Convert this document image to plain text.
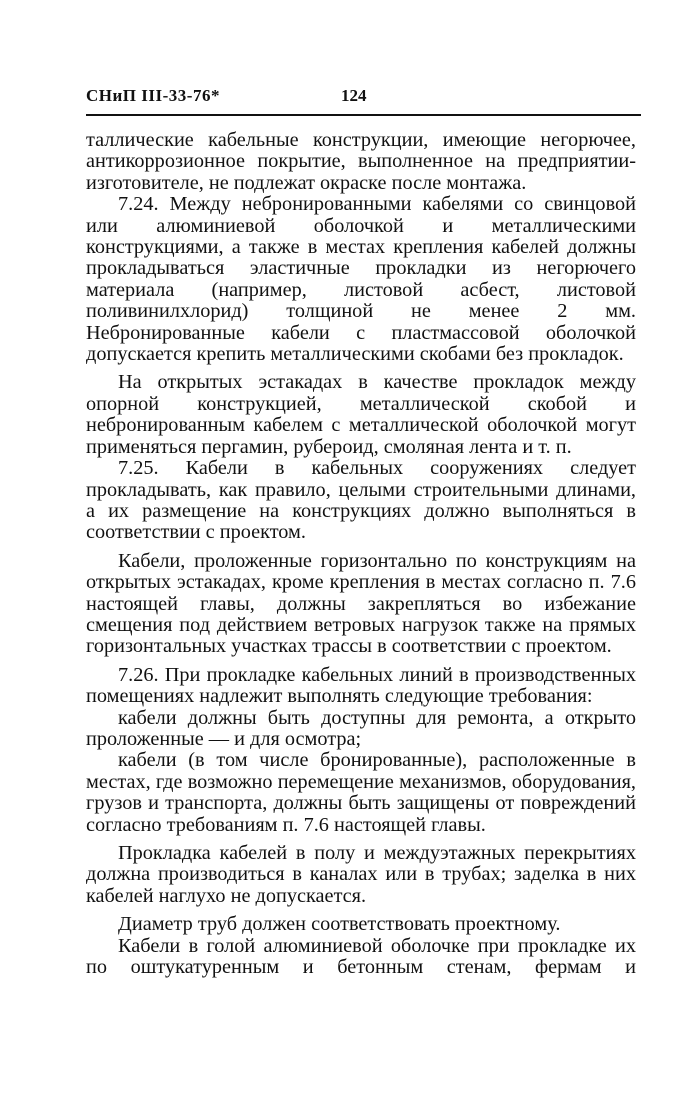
СНиП III-33-76*	124

таллические кабельные конструкции, имеющие негорючее, антикоррозионное покрытие, выполненное на предприятии-изготовителе, не подлежат окраске после монтажа.

7.24. Между небронированными кабелями со свинцовой или алюминиевой оболочкой и металлическими конструкциями, а также в местах крепления кабелей должны прокладываться эластичные прокладки из негорючего материала (например, листовой асбест, листовой поливинилхлорид) толщиной не менее 2 мм. Небронированные кабели с пластмассовой оболочкой допускается крепить металлическими скобами без прокладок.

На открытых эстакадах в качестве прокладок между опорной конструкцией, металлической скобой и небронированным кабелем с металлической оболочкой могут применяться пергамин, рубероид, смоляная лента и т. п.

7.25. Кабели в кабельных сооружениях следует прокладывать, как правило, целыми строительными длинами, а их размещение на конструкциях должно выполняться в соответствии с проектом.

Кабели, проложенные горизонтально по конструкциям на открытых эстакадах, кроме крепления в местах согласно п. 7.6 настоящей главы, должны закрепляться во избежание смещения под действием ветровых нагрузок также на прямых горизонтальных участках трассы в соответствии с проектом.

7.26. При прокладке кабельных линий в производственных помещениях надлежит выполнять следующие требования:

кабели должны быть доступны для ремонта, а открыто проложенные — и для осмотра;

кабели (в том числе бронированные), расположенные в местах, где возможно перемещение механизмов, оборудования, грузов и транспорта, должны быть защищены от повреждений согласно требованиям п. 7.6 настоящей главы.

Прокладка кабелей в полу и междуэтажных перекрытиях должна производиться в каналах или в трубах; заделка в них кабелей наглухо не допускается.

Диаметр труб должен соответствовать проектному.

Кабели в голой алюминиевой оболочке при прокладке их по оштукатуренным и бетонным стенам, фермам и
